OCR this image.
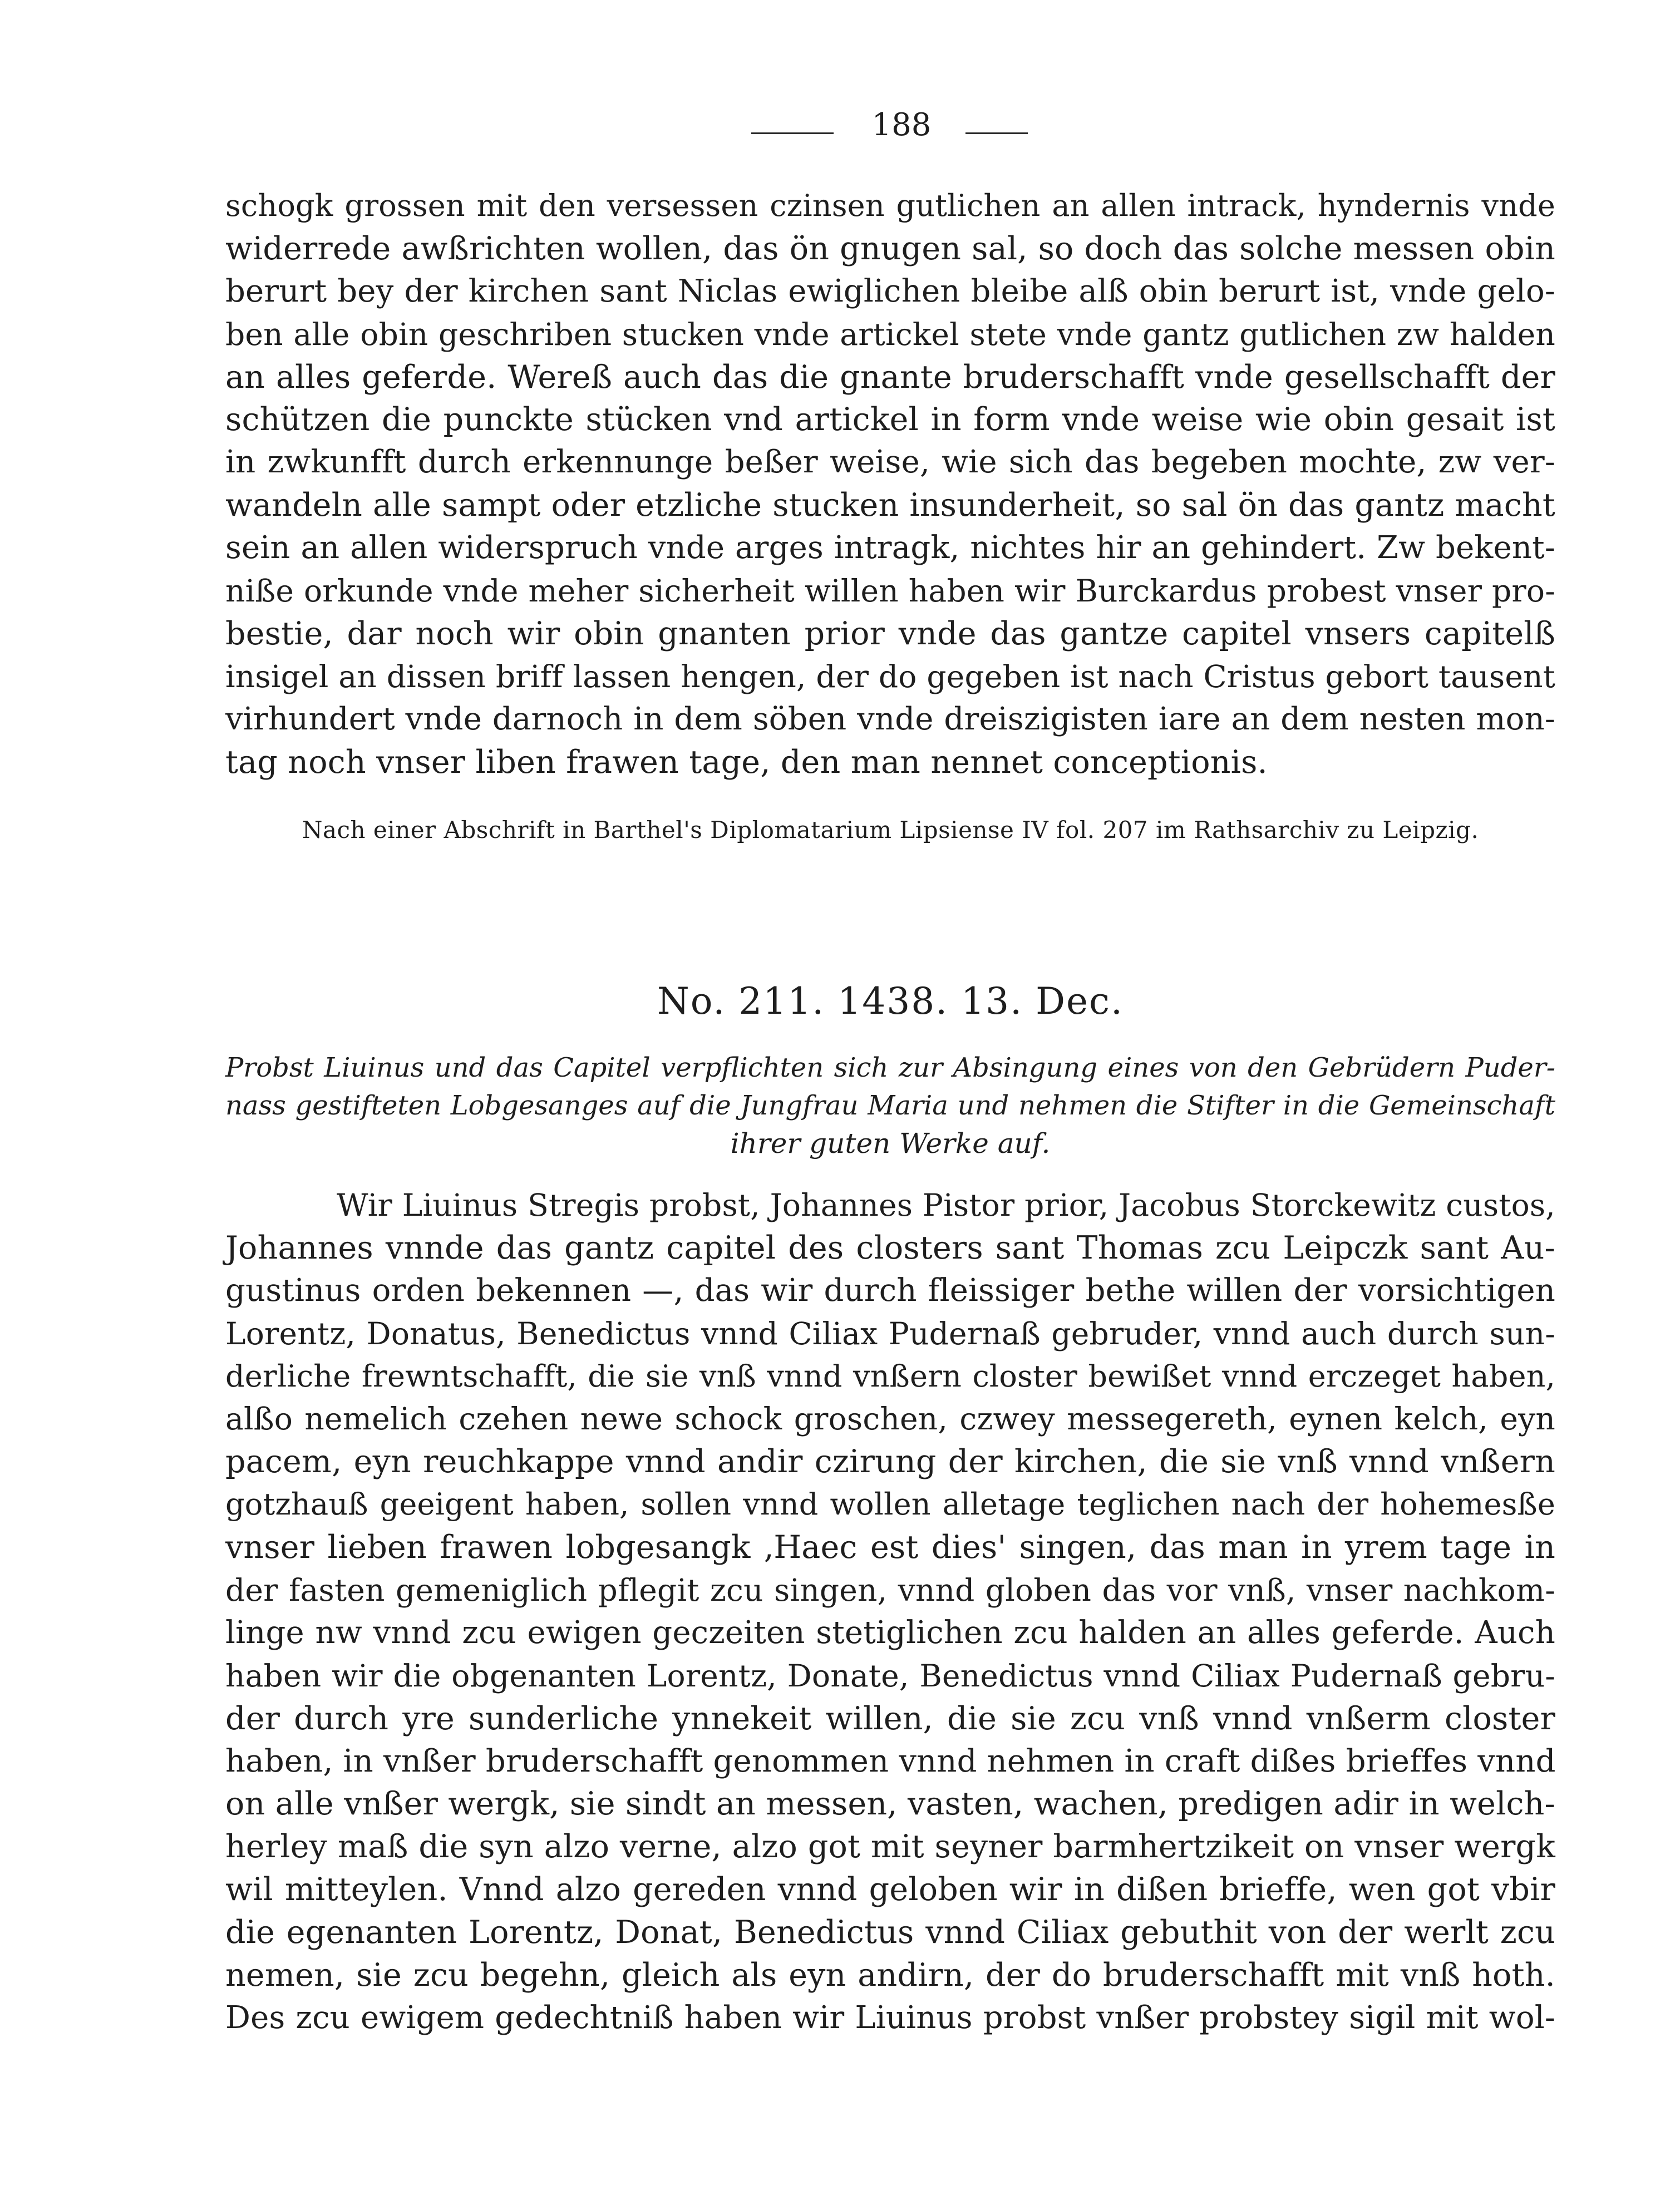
188
schogk grossen mit den versessen czinsen gutlichen an allen intrack, hyndernis vnde
widerrede awßrichten wollen, das ön gnugen sal, so doch das solche messen obin
berurt bey der kirchen sant Niclas ewiglichen bleibe alß obin berurt ist, vnde gelo-
ben alle obin geschriben stucken vnde artickel stete vnde gantz gutlichen zw halden
an alles geferde. Wereß auch das die gnante bruderschafft vnde gesellschafft der
schützen die punckte stücken vnd artickel in form vnde weise wie obin gesait ist
in zwkunfft durch erkennunge beßer weise, wie sich das begeben mochte, zw ver-
wandeln alle sampt oder etzliche stucken insunderheit, so sal ön das gantz macht
sein an allen widerspruch vnde arges intragk, nichtes hir an gehindert. Zw bekent-
niße orkunde vnde meher sicherheit willen haben wir Burckardus probest vnser pro-
bestie, dar noch wir obin gnanten prior vnde das gantze capitel vnsers capitelß
insigel an dissen briff lassen hengen, der do gegeben ist nach Cristus gebort tausent
virhundert vnde darnoch in dem söben vnde dreiszigisten iare an dem nesten mon-
tag noch vnser liben frawen tage, den man nennet conceptionis.
Nach einer Abschrift in Barthel's Diplomatarium Lipsiense IV fol. 207 im Rathsarchiv zu Leipzig.
No. 211. 1438. 13. Dec.
Probst Liuinus und das Capitel verpflichten sich zur Absingung eines von den Gebrüdern Puder-
nass gestifteten Lobgesanges auf die Jungfrau Maria und nehmen die Stifter in die Gemeinschaft
ihrer guten Werke auf.
Wir Liuinus Stregis probst, Johannes Pistor prior, Jacobus Storckewitz custos,
Johannes vnnde das gantz capitel des closters sant Thomas zcu Leipczk sant Au-
gustinus orden bekennen —, das wir durch fleissiger bethe willen der vorsichtigen
Lorentz, Donatus, Benedictus vnnd Ciliax Pudernaß gebruder, vnnd auch durch sun-
derliche frewntschafft, die sie vnß vnnd vnßern closter bewißet vnnd erczeget haben,
alßo nemelich czehen newe schock groschen, czwey messegereth, eynen kelch, eyn
pacem, eyn reuchkappe vnnd andir czirung der kirchen, die sie vnß vnnd vnßern
gotzhauß geeigent haben, sollen vnnd wollen alletage teglichen nach der hohemesße
vnser lieben frawen lobgesangk ‚Haec est dies' singen, das man in yrem tage in
der fasten gemeniglich pflegit zcu singen, vnnd globen das vor vnß, vnser nachkom-
linge nw vnnd zcu ewigen geczeiten stetiglichen zcu halden an alles geferde. Auch
haben wir die obgenanten Lorentz, Donate, Benedictus vnnd Ciliax Pudernaß gebru-
der durch yre sunderliche ynnekeit willen, die sie zcu vnß vnnd vnßerm closter
haben, in vnßer bruderschafft genommen vnnd nehmen in craft dißes brieffes vnnd
on alle vnßer wergk, sie sindt an messen, vasten, wachen, predigen adir in welch-
herley maß die syn alzo verne, alzo got mit seyner barmhertzikeit on vnser wergk
wil mitteylen. Vnnd alzo gereden vnnd geloben wir in dißen brieffe, wen got vbir
die egenanten Lorentz, Donat, Benedictus vnnd Ciliax gebuthit von der werlt zcu
nemen, sie zcu begehn, gleich als eyn andirn, der do bruderschafft mit vnß hoth.
Des zcu ewigem gedechtniß haben wir Liuinus probst vnßer probstey sigil mit wol-
